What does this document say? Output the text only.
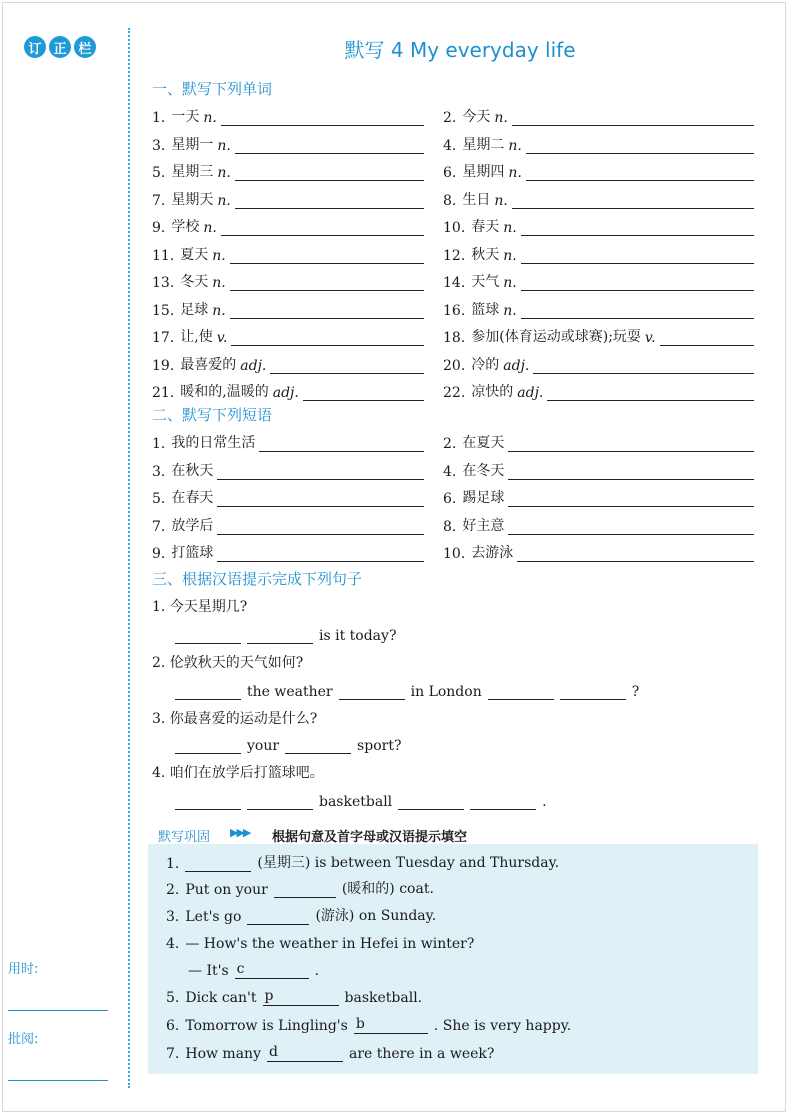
订 正 栏
用时:
批阅:
默写 4 My everyday life
一、默写下列单词
1. 一天 n.	2. 今天 n.
3. 星期一 n.	4. 星期二 n.
5. 星期三 n.	6. 星期四 n.
7. 星期天 n.	8. 生日 n.
9. 学校 n.	10. 春天 n.
11. 夏天 n.	12. 秋天 n.
13. 冬天 n.	14. 天气 n.
15. 足球 n.	16. 篮球 n.
17. 让,使 v.	18. 参加(体育运动或球赛);玩耍 v.
19. 最喜爱的 adj.	20. 冷的 adj.
21. 暖和的,温暖的 adj.	22. 凉快的 adj.
二、默写下列短语
1. 我的日常生活	2. 在夏天
3. 在秋天	4. 在冬天
5. 在春天	6. 踢足球
7. 放学后	8. 好主意
9. 打篮球	10. 去游泳
三、根据汉语提示完成下列句子
1. 今天星期几?
is it today?
2. 伦敦秋天的天气如何?
the weather	in London	?
3. 你最喜爱的运动是什么?
your	sport?
4. 咱们在放学后打篮球吧。
basketball	.
默写巩固 ▶▶▶ 根据句意及首字母或汉语提示填空
1.	(星期三) is between Tuesday and Thursday.
2. Put on your	(暖和的) coat.
3. Let's go	(游泳) on Sunday.
4. — How's the weather in Hefei in winter?
— It's c	.
5. Dick can't p	basketball.
6. Tomorrow is Lingling's b	. She is very happy.
7. How many d	are there in a week?
